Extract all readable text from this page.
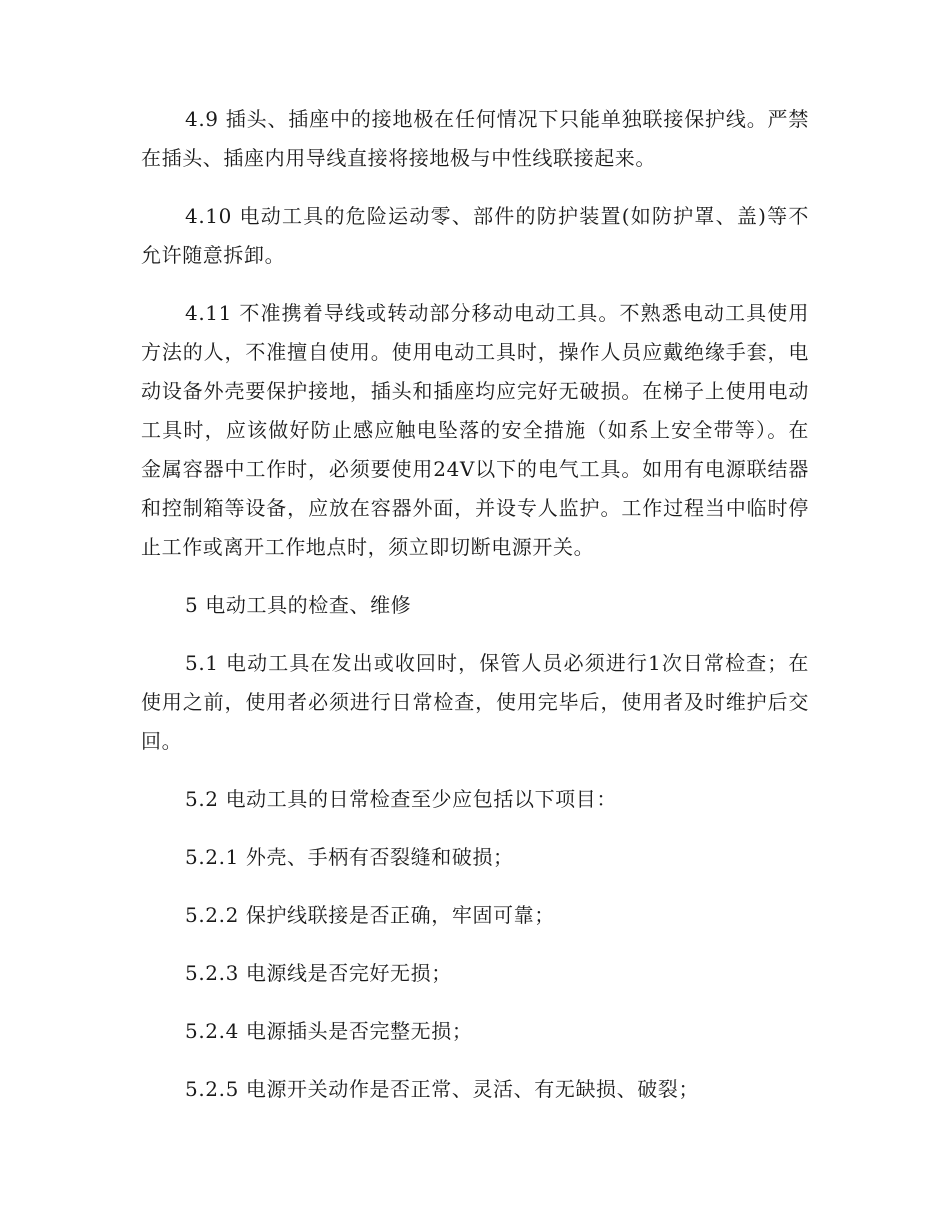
4.9 插头、插座中的接地极在任何情况下只能单独联接保护线。严禁在插头、插座内用导线直接将接地极与中性线联接起来。

4.10 电动工具的危险运动零、部件的防护装置(如防护罩、盖)等不允许随意拆卸。

4.11 不准携着导线或转动部分移动电动工具。不熟悉电动工具使用方法的人，不准擅自使用。使用电动工具时，操作人员应戴绝缘手套，电动设备外壳要保护接地，插头和插座均应完好无破损。在梯子上使用电动工具时，应该做好防止感应触电坠落的安全措施（如系上安全带等）。在金属容器中工作时，必须要使用24V以下的电气工具。如用有电源联结器和控制箱等设备，应放在容器外面，并设专人监护。工作过程当中临时停止工作或离开工作地点时，须立即切断电源开关。

5 电动工具的检查、维修

5.1 电动工具在发出或收回时，保管人员必须进行1次日常检查；在使用之前，使用者必须进行日常检查，使用完毕后，使用者及时维护后交回。

5.2 电动工具的日常检查至少应包括以下项目：

5.2.1 外壳、手柄有否裂缝和破损；

5.2.2 保护线联接是否正确，牢固可靠；

5.2.3 电源线是否完好无损；

5.2.4 电源插头是否完整无损；

5.2.5 电源开关动作是否正常、灵活、有无缺损、破裂；
